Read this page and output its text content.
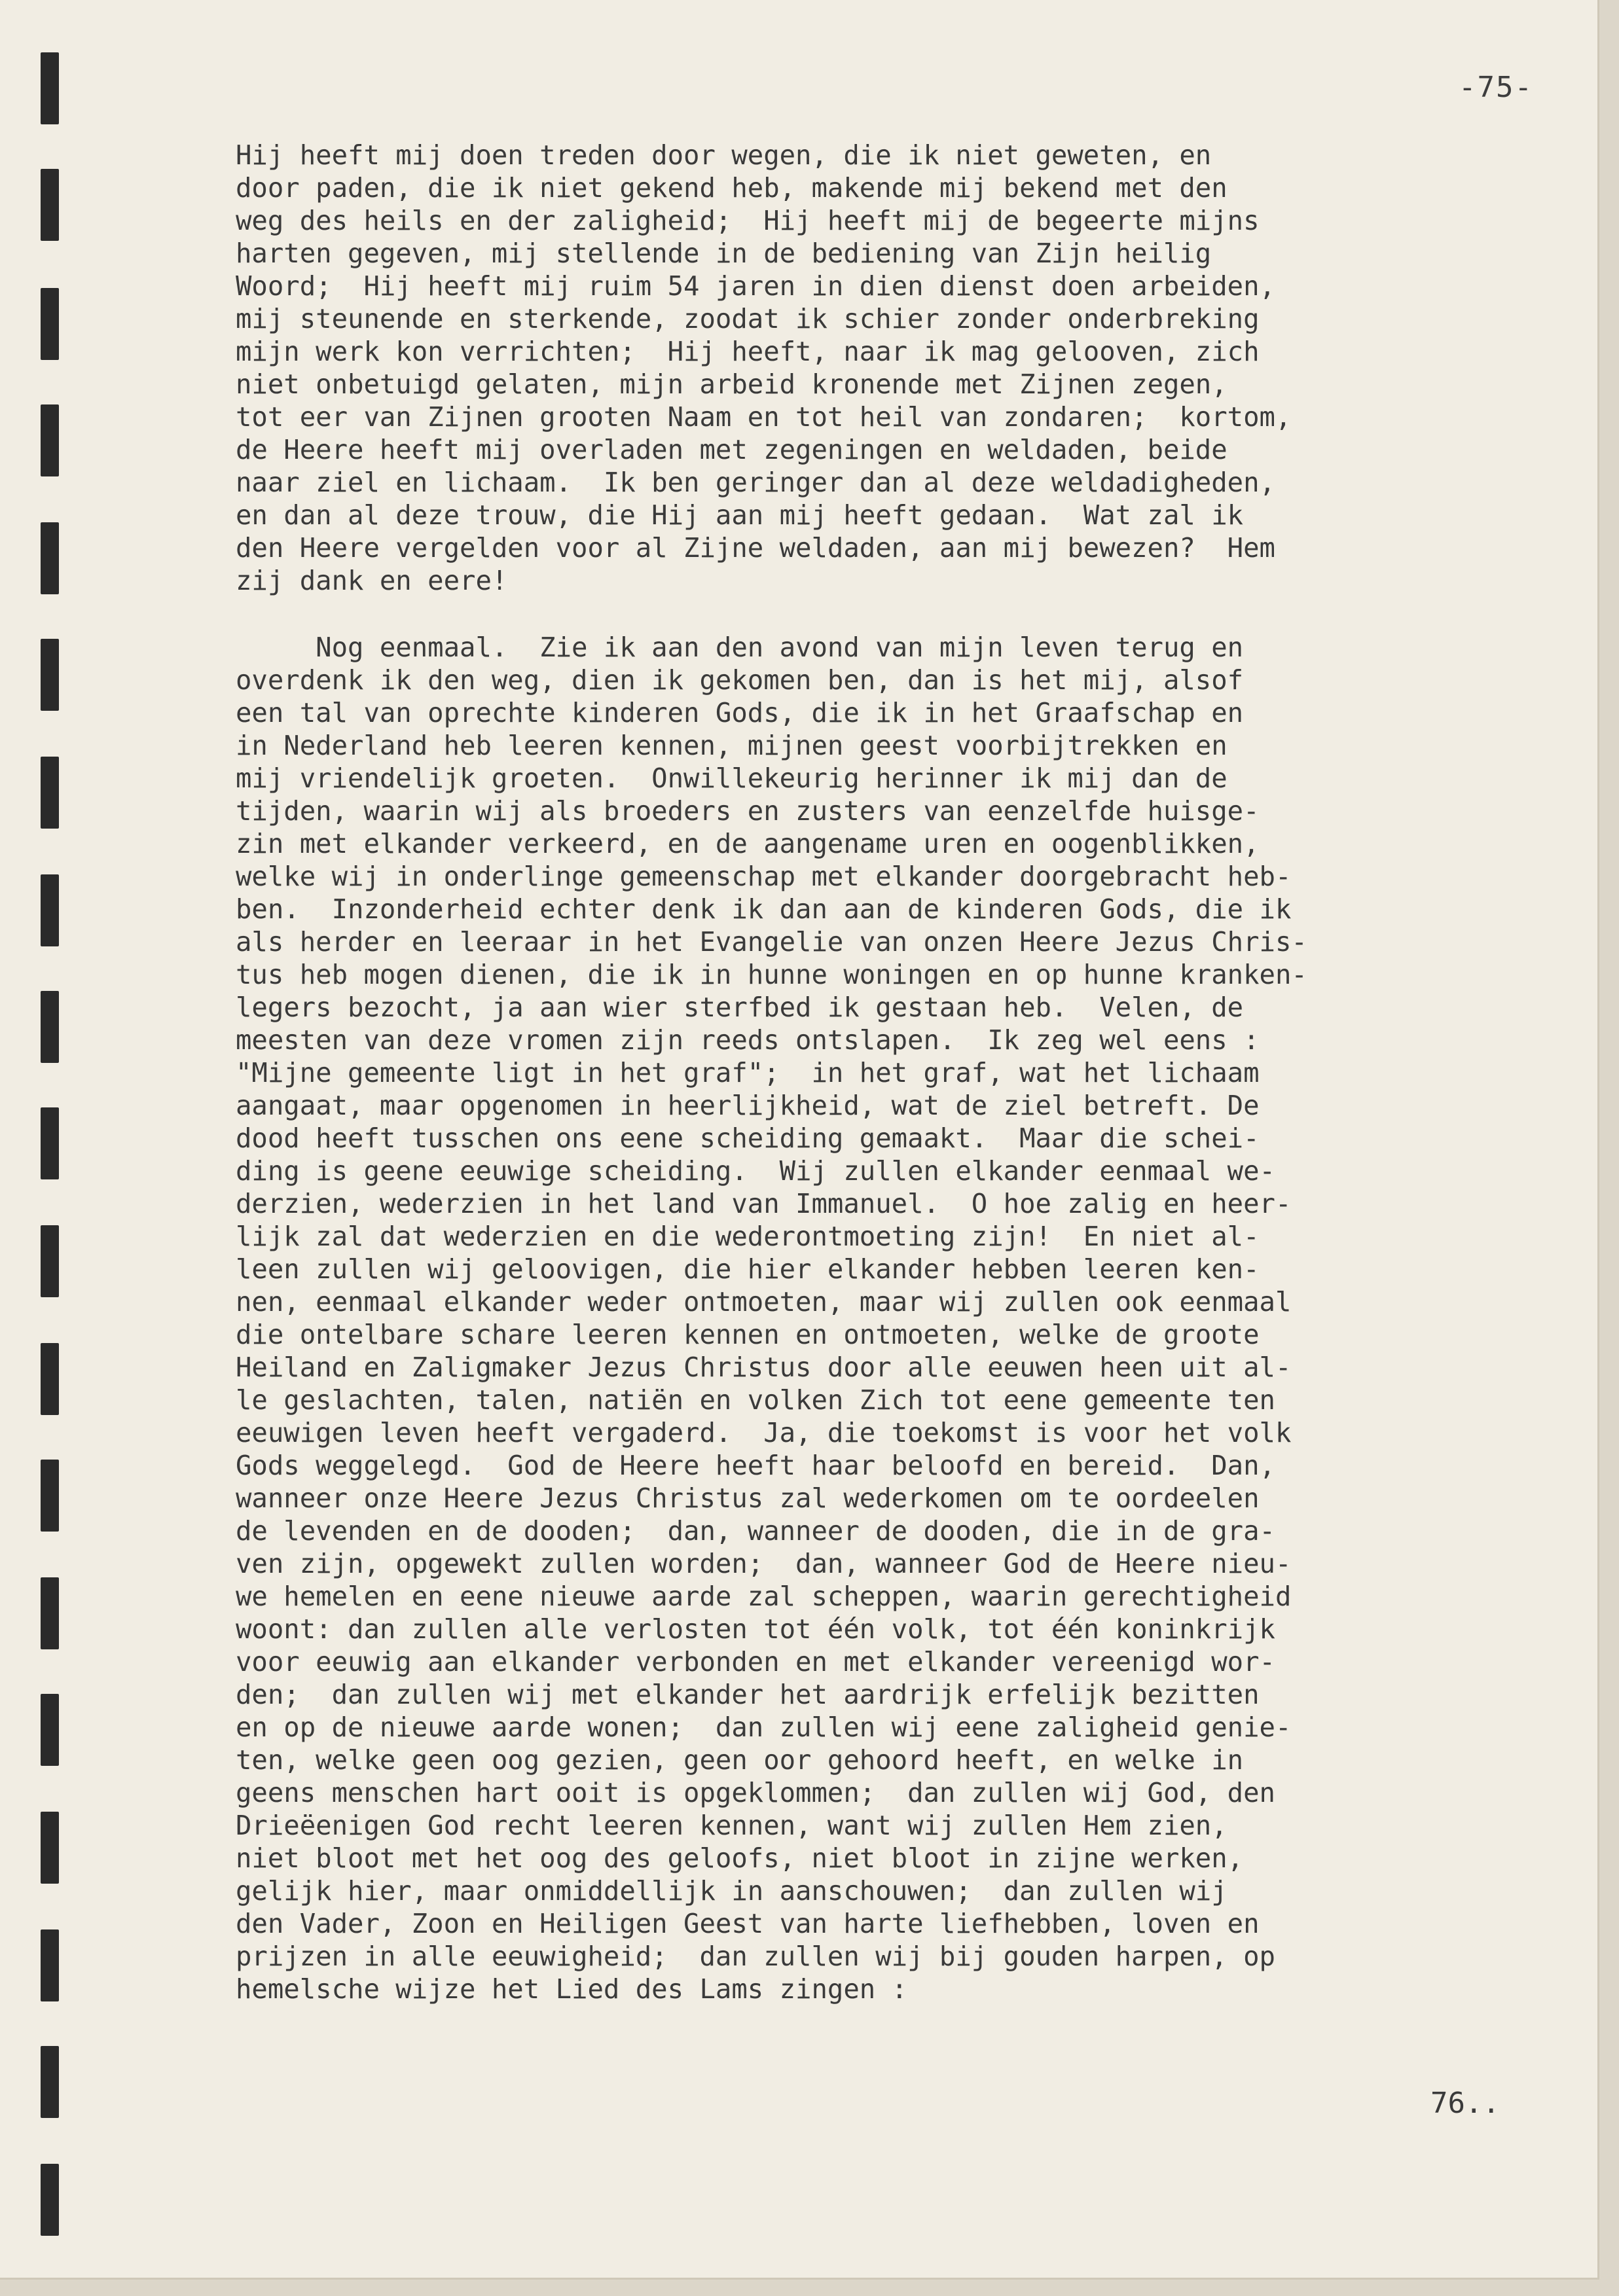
-75-
Hij heeft mij doen treden door wegen, die ik niet geweten, en
door paden, die ik niet gekend heb, makende mij bekend met den
weg des heils en der zaligheid;  Hij heeft mij de begeerte mijns
harten gegeven, mij stellende in de bediening van Zijn heilig
Woord;  Hij heeft mij ruim 54 jaren in dien dienst doen arbeiden,
mij steunende en sterkende, zoodat ik schier zonder onderbreking
mijn werk kon verrichten;  Hij heeft, naar ik mag gelooven, zich
niet onbetuigd gelaten, mijn arbeid kronende met Zijnen zegen,
tot eer van Zijnen grooten Naam en tot heil van zondaren;  kortom,
de Heere heeft mij overladen met zegeningen en weldaden, beide
naar ziel en lichaam.  Ik ben geringer dan al deze weldadigheden,
en dan al deze trouw, die Hij aan mij heeft gedaan.  Wat zal ik
den Heere vergelden voor al Zijne weldaden, aan mij bewezen?  Hem
zij dank en eere!
Nog eenmaal.  Zie ik aan den avond van mijn leven terug en
overdenk ik den weg, dien ik gekomen ben, dan is het mij, alsof
een tal van oprechte kinderen Gods, die ik in het Graafschap en
in Nederland heb leeren kennen, mijnen geest voorbijtrekken en
mij vriendelijk groeten.  Onwillekeurig herinner ik mij dan de
tijden, waarin wij als broeders en zusters van eenzelfde huisge-
zin met elkander verkeerd, en de aangename uren en oogenblikken,
welke wij in onderlinge gemeenschap met elkander doorgebracht heb-
ben.  Inzonderheid echter denk ik dan aan de kinderen Gods, die ik
als herder en leeraar in het Evangelie van onzen Heere Jezus Chris-
tus heb mogen dienen, die ik in hunne woningen en op hunne kranken-
legers bezocht, ja aan wier sterfbed ik gestaan heb.  Velen, de
meesten van deze vromen zijn reeds ontslapen.  Ik zeg wel eens :
"Mijne gemeente ligt in het graf";  in het graf, wat het lichaam
aangaat, maar opgenomen in heerlijkheid, wat de ziel betreft. De
dood heeft tusschen ons eene scheiding gemaakt.  Maar die schei-
ding is geene eeuwige scheiding.  Wij zullen elkander eenmaal we-
derzien, wederzien in het land van Immanuel.  O hoe zalig en heer-
lijk zal dat wederzien en die wederontmoeting zijn!  En niet al-
leen zullen wij geloovigen, die hier elkander hebben leeren ken-
nen, eenmaal elkander weder ontmoeten, maar wij zullen ook eenmaal
die ontelbare schare leeren kennen en ontmoeten, welke de groote
Heiland en Zaligmaker Jezus Christus door alle eeuwen heen uit al-
le geslachten, talen, natiën en volken Zich tot eene gemeente ten
eeuwigen leven heeft vergaderd.  Ja, die toekomst is voor het volk
Gods weggelegd.  God de Heere heeft haar beloofd en bereid.  Dan,
wanneer onze Heere Jezus Christus zal wederkomen om te oordeelen
de levenden en de dooden;  dan, wanneer de dooden, die in de gra-
ven zijn, opgewekt zullen worden;  dan, wanneer God de Heere nieu-
we hemelen en eene nieuwe aarde zal scheppen, waarin gerechtigheid
woont: dan zullen alle verlosten tot één volk, tot één koninkrijk
voor eeuwig aan elkander verbonden en met elkander vereenigd wor-
den;  dan zullen wij met elkander het aardrijk erfelijk bezitten
en op de nieuwe aarde wonen;  dan zullen wij eene zaligheid genie-
ten, welke geen oog gezien, geen oor gehoord heeft, en welke in
geens menschen hart ooit is opgeklommen;  dan zullen wij God, den
Drieëenigen God recht leeren kennen, want wij zullen Hem zien,
niet bloot met het oog des geloofs, niet bloot in zijne werken,
gelijk hier, maar onmiddellijk in aanschouwen;  dan zullen wij
den Vader, Zoon en Heiligen Geest van harte liefhebben, loven en
prijzen in alle eeuwigheid;  dan zullen wij bij gouden harpen, op
hemelsche wijze het Lied des Lams zingen :
76..
